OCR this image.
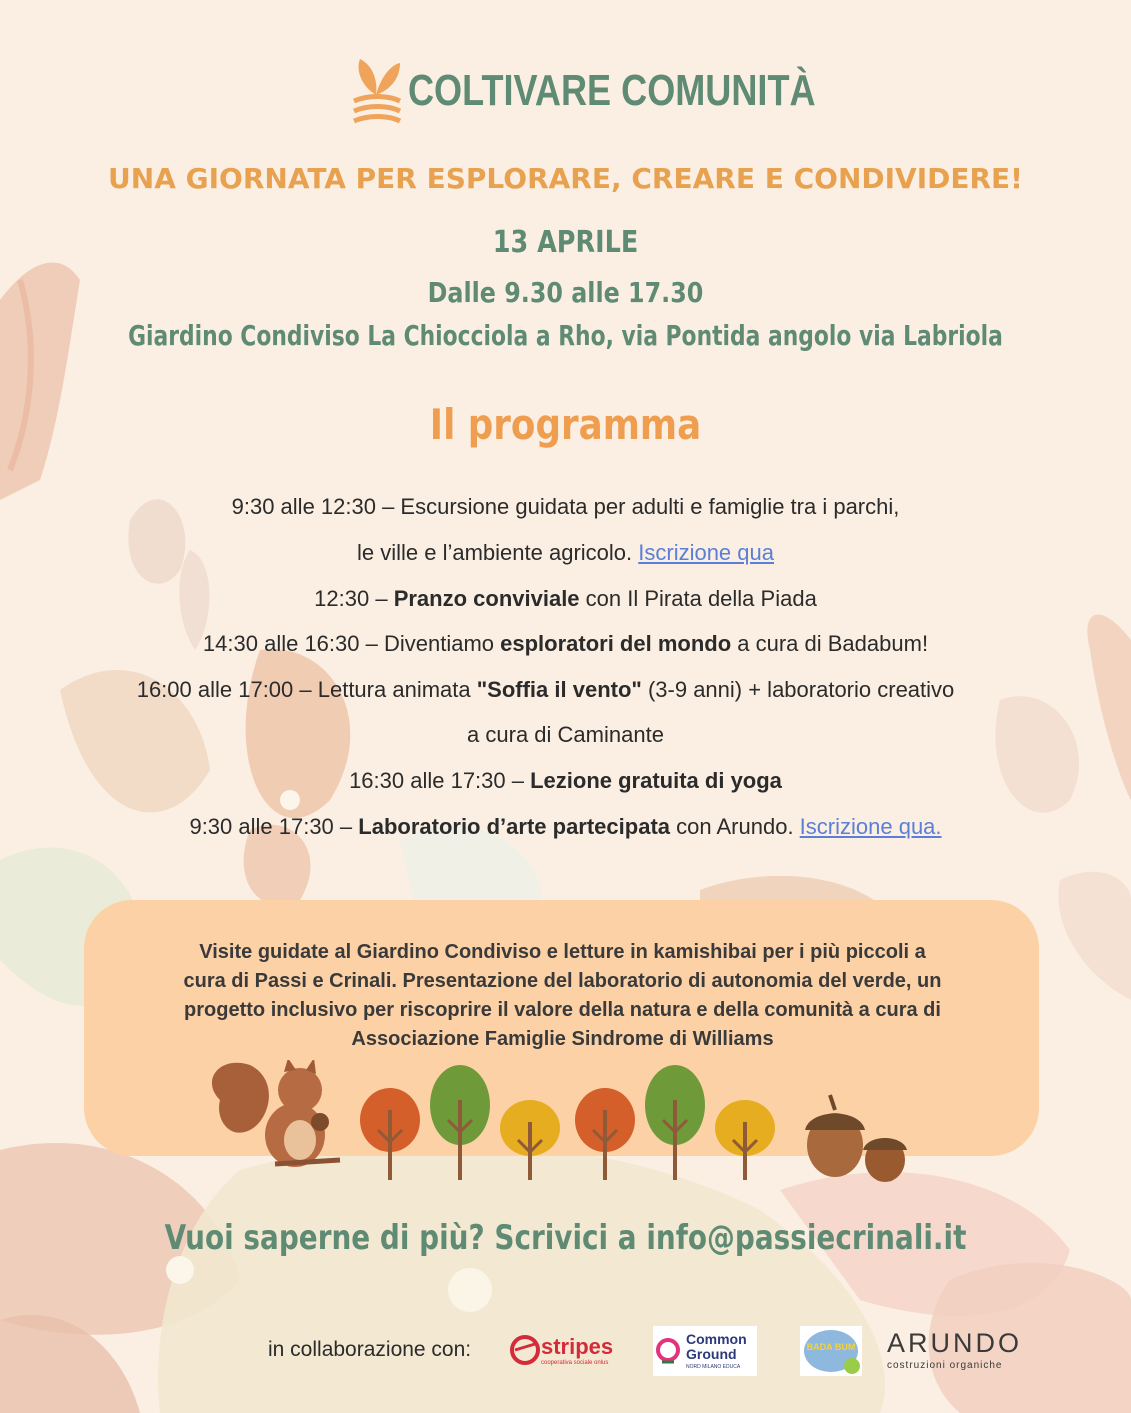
COLTIVARE COMUNITÀ
UNA GIORNATA PER ESPLORARE, CREARE E CONDIVIDERE!
13 APRILE
Dalle 9.30 alle 17.30
Giardino Condiviso La Chiocciola a Rho, via Pontida angolo via Labriola
Il programma
9:30 alle 12:30 – Escursione guidata per adulti e famiglie tra i parchi,
le ville e l’ambiente agricolo. Iscrizione qua
12:30 – Pranzo conviviale con Il Pirata della Piada
14:30 alle 16:30 – Diventiamo esploratori del mondo a cura di Badabum!
16:00 alle 17:00 – Lettura animata "Soffia il vento" (3-9 anni) + laboratorio creativo
a cura di Caminante
16:30 alle 17:30 – Lezione gratuita di yoga
9:30 alle 17:30 – Laboratorio d’arte partecipata con Arundo. Iscrizione qua.
Visite guidate al Giardino Condiviso e letture in kamishibai per i più piccoli a
cura di Passi e Crinali. Presentazione del laboratorio di autonomia del verde, un
progetto inclusivo per riscoprire il valore della natura e della comunità a cura di
Associazione Famiglie Sindrome di Williams
Vuoi saperne di più? Scrivici a info@passiecrinali.it
in collaborazione con:	stripes
cooperativa sociale onlus
Common
Ground
NORD MILANO EDUCA
BADA BUM ARUNDO
costruzioni organiche
